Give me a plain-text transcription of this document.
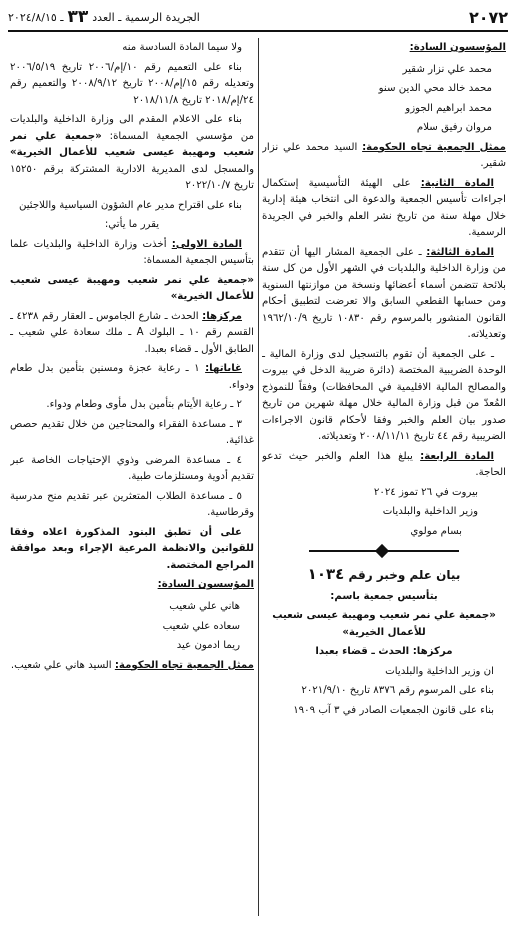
٢٠٧٢
الجريدة الرسمية ـ العدد
٣٣
ـ ٢٠٢٤/٨/١٥

المؤسسون السادة:

محمد علي نزار شقير

محمد خالد محي الدين سنو

محمد ابراهيم الجوزو

مروان رفيق سلام

ممثل الجمعية تجاه الحكومة: السيد محمد علي نزار شقير.

المادة الثانية: على الهيئة التأسيسية إستكمال اجراءات تأسيس الجمعية والدعوة الى انتخاب هيئة إدارية خلال مهلة سنة من تاريخ نشر العلم والخبر في الجريدة الرسمية.

المادة الثالثة: ـ على الجمعية المشار اليها أن تتقدم من وزارة الداخلية والبلديات في الشهر الأول من كل سنة بلائحة تتضمن أسماء أعضائها ونسخة من موازنتها السنوية ومن حسابها القطعي السابق والا تعرضت لتطبيق أحكام القانون المنشور بالمرسوم رقم ١٠٨٣٠ تاريخ ١٩٦٢/١٠/٩ وتعديلاته.

ـ على الجمعية أن تقوم بالتسجيل لدى وزارة المالية ـ الوحدة الضريبية المختصة (دائرة ضريبة الدخل في بيروت والمصالح المالية الاقليمية في المحافظات) وفقاً للنموذج المُعدّ من قبل وزارة المالية خلال مهلة شهرين من تاريخ صدور بيان العلم والخبر وفقا لأحكام قانون الاجراءات الضريبية رقم ٤٤ تاريخ ٢٠٠٨/١١/١١ وتعديلاته.

المادة الرابعة: يبلغ هذا العلم والخبر حيث تدعو الحاجة.

بيروت في ٢٦ تموز ٢٠٢٤

وزير الداخلية والبلديات

بسام مولوي

بيان علم وخبر رقم ١٠٣٤

بتأسيس جمعية باسم:

«جمعية علي نمر شعيب ومهيبة عيسى شعيب للأعمال الخيرية»

مركزها: الحدث ـ قضاء بعبدا

ان وزير الداخلية والبلديات

بناء على المرسوم رقم ٨٣٧٦ تاريخ ٢٠٢١/٩/١٠

بناء على قانون الجمعيات الصادر في ٣ آب ١٩٠٩

ولا سيما المادة السادسة منه

بناء على التعميم رقم ١٠/إم/٢٠٠٦ تاريخ ٢٠٠٦/٥/١٩ وتعديله رقم ١٥/إم/٢٠٠٨ تاريخ ٢٠٠٨/٩/١٢ والتعميم رقم ٢٤/إم/٢٠١٨ تاريخ ٢٠١٨/١١/٨

بناء على الاعلام المقدم الى وزارة الداخلية والبلديات من مؤسسي الجمعية المسماة: «جمعية علي نمر شعيب ومهيبة عيسى شعيب للأعمال الخيرية» والمسجل لدى المديرية الادارية المشتركة برقم ١٥٢٥٠ تاريخ ٢٠٢٢/١٠/٧

بناء على اقتراح مدير عام الشؤون السياسية واللاجئين

يقرر ما يأتي:

المادة الاولى: أخذت وزارة الداخلية والبلديات علما بتأسيس الجمعية المسماة:

«جمعية علي نمر شعيب ومهيبة عيسى شعيب للأعمال الخيرية»

مركزها: الحدث ـ شارع الجاموس ـ العقار رقم ٤٢٣٨ ـ القسم رقم ١٠ ـ البلوك A ـ ملك سعادة علي شعيب ـ الطابق الأول ـ قضاء بعبدا.

غاياتها: ١ ـ رعاية عجزة ومسنين بتأمين بدل طعام ودواء.

٢ ـ رعاية الأيتام بتأمين بدل مأوى وطعام ودواء.

٣ ـ مساعدة الفقراء والمحتاجين من خلال تقديم حصص غذائية.

٤ ـ مساعدة المرضى وذوي الإحتياجات الخاصة عبر تقديم أدوية ومستلزمات طبية.

٥ ـ مساعدة الطلاب المتعثرين عبر تقديم منح مدرسية وقرطاسية.

على أن تطبق البنود المذكورة اعلاه وفقا للقوانين والانظمة المرعية الإجراء وبعد موافقة المراجع المختصة.

المؤسسون السادة:

هاني علي شعيب

سعاده علي شعيب

ريما ادمون عيد

ممثل الجمعية تجاه الحكومة: السيد هاني علي شعيب.
